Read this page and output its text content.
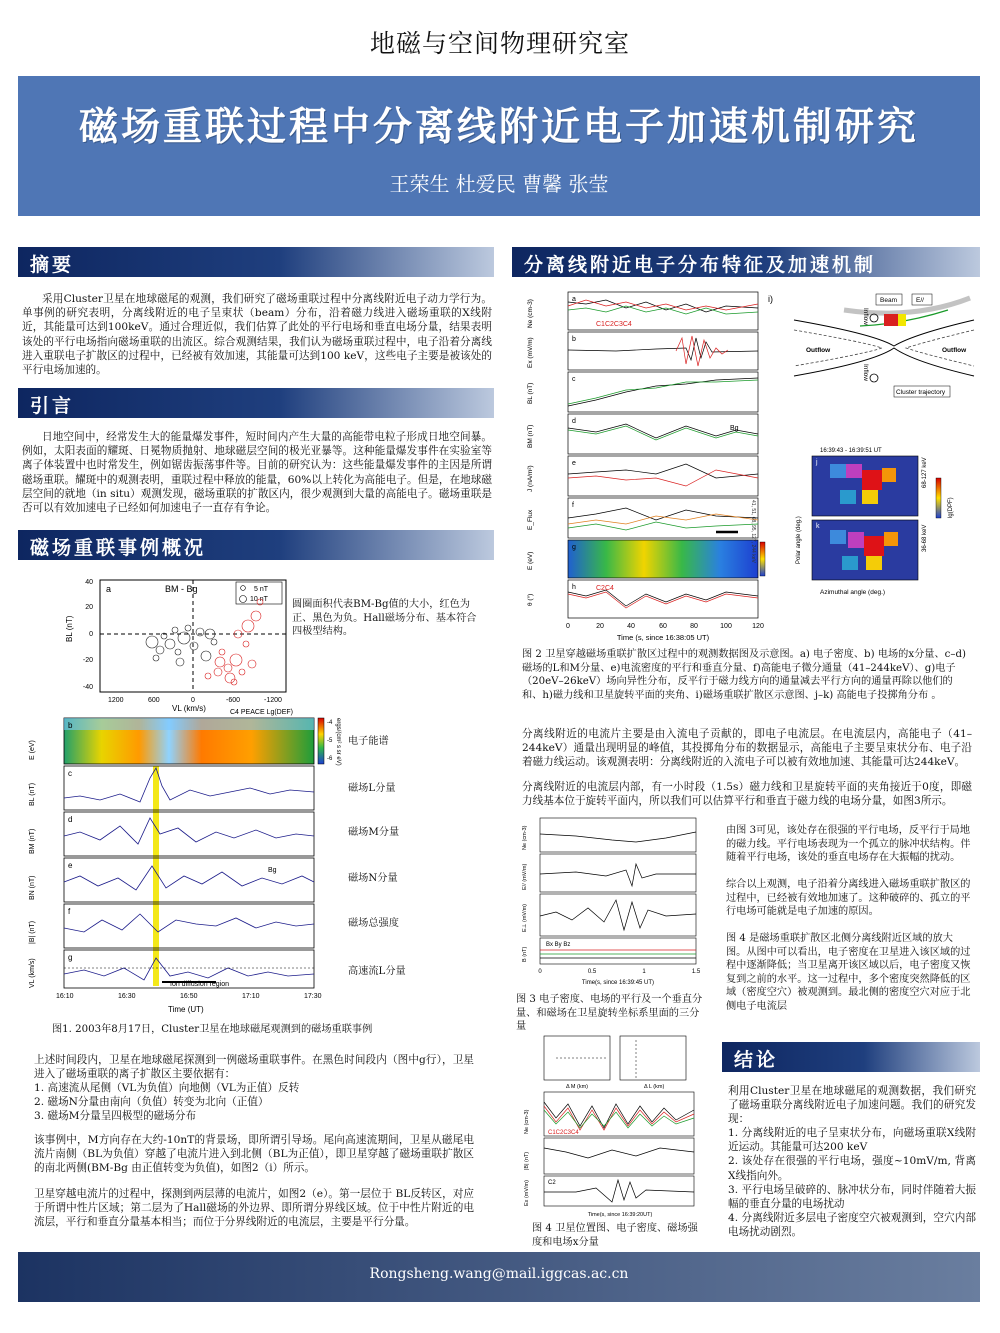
地磁与空间物理研究室
磁场重联过程中分离线附近电子加速机制研究
王荣生 杜爱民 曹馨 张莹
摘要
采用Cluster卫星在地球磁尾的观测，我们研究了磁场重联过程中分离线附近电子动力学行为。单事例的研究表明，分离线附近的电子呈束状（beam）分布，沿着磁力线进入磁场重联的X线附近，其能量可达到100keV。通过合理近似，我们估算了此处的平行电场和垂直电场分量，结果表明该处的平行电场指向磁场重联的出流区。综合观测结果，我们认为磁场重联过程中，电子沿着分离线进入重联电子扩散区的过程中，已经被有效加速，其能量可达到100 keV，这些电子主要是被该处的平行电场加速的。
引言
日地空间中，经常发生大的能量爆发事件，短时间内产生大量的高能带电粒子形成日地空间暴。例如，太阳表面的耀斑、日冕物质抛射、地球磁层空间的极光亚暴等。这种能量爆发事件在实验室等离子体装置中也时常发生，例如锯齿振荡事件等。目前的研究认为：这些能量爆发事件的主因是所谓磁场重联。耀斑中的观测表明，重联过程中释放的能量，60%以上转化为高能电子。但是，在地球磁层空间的就地（in situ）观测发现，磁场重联的扩散区内，很少观测到大量的高能电子。磁场重联是否可以有效加速电子已经如何加速电子一直存有争论。
磁场重联事例概况
a	BM - Bg	5 nT
10 nT
40
20
0
-20
-40
BL (nT)
1200	600	0	-600	-1200
VL (km/s)
圆圈面积代表BM-Bg值的大小，红色为正、黑色为负。Hall磁场分布、基本符合四极型结构。
C4 PEACE Lg(DEF)
-4
-5
-6 ergs/(cm² s sr eV)
Ion diffusion region
Bg
b
c
d
e
f
g
E (eV)
BL (nT)
BM (nT)
BN (nT)
|B| (nT)
VL (km/s)
16:10	16:30	16:50	17:10	17:30
Time (UT)
电子能谱
磁场L分量
磁场M分量
磁场N分量
磁场总强度
高速流L分量
图1. 2003年8月17日，Cluster卫星在地球磁尾观测到的磁场重联事例
上述时间段内，卫星在地球磁尾探测到一例磁场重联事件。在黑色时间段内（图中g行），卫星进入了磁场重联的离子扩散区主要依据有：
1. 高速流从尾侧（VL为负值）向地侧（VL为正值）反转
2. 磁场N分量由南向（负值）转变为北向（正值）
3. 磁场M分量呈四极型的磁场分布
该事例中，M方向存在大约-10nT的背景场，即所谓引导场。尾向高速流期间，卫星从磁尾电流片南侧（BL为负值）穿越了电流片进入到北侧（BL为正值），即卫星穿越了磁场重联扩散区的南北两侧(BM-Bg 由正值转变为负值)，如图2（i）所示。
卫星穿越电流片的过程中，探测到两层薄的电流片，如图2（e）。第一层位于 BL反转区，对应于所谓中性片区域；第二层为了Hall磁场的外边界、即所谓分界线区域。位于中性片附近的电流层，平行和垂直分量基本相当；而位于分界线附近的电流层，主要是平行分量。
分离线附近电子分布特征及加速机制
a
b
c
d
e
f
g
h
C1C2C3C4
Bg
C2C4
41, 51, 68, 95, 127, 244 keV
Ne (cm-3)
Ex (mV/m)
BL (nT)
BM (nT)
J (nA/m²)
E_Flux
E (eV)
θ (°)
0	20	40	60	80	100	120
Time (s, since 16:38:05 UT)
i)	Beam	E//
Outflow	Outflow
Inflow
Inflow
Cluster trajectory
16:39:43 - 16:39:51 UT
j
k
68-127 keV
36-68 keV
lg(DPF)
Polar angle (deg.)
Azimuthal angle (deg.)
图 2 卫星穿越磁场重联扩散区过程中的观测数据图及示意图。a) 电子密度、b) 电场的x分量、c–d)磁场的L和M分量、e)电流密度的平行和垂直分量、f)高能电子微分通量（41–244keV）、g)电子（20eV–26keV）场向异性分布，反平行于磁力线方向的通量减去平行方向的通量再除以他们的和、h)磁力线和卫星旋转平面的夹角、i)磁场重联扩散区示意图、j–k) 高能电子投掷角分布 。
分离线附近的电流片主要是由入流电子贡献的，即电子电流层。在电流层内，高能电子（41–244keV）通量出现明显的峰值，其投掷角分布的数据显示，高能电子主要呈束状分布、电子沿着磁力线运动。该观测表明：分离线附近的入流电子可以被有效地加速、其能量可达244keV。
分离线附近的电流层内部，有一小时段（1.5s）磁力线和卫星旋转平面的夹角接近于0度，即磁力线基本位于旋转平面内，所以我们可以估算平行和垂直于磁力线的电场分量，如图3所示。
Bx By Bz
Ne (cm-3)
E// (mV/m)
E⊥ (mV/m)
B (nT)
0	0.5	1	1.5
Time(s, since 16:39:45 UT)
图 3 电子密度、电场的平行及一个垂直分量、和磁场在卫星旋转坐标系里面的三分量
由图 3可见，该处存在很强的平行电场，反平行于局地的磁力线。平行电场表现为一个孤立的脉冲状结构。伴随着平行电场，该处的垂直电场存在大振幅的扰动。
综合以上观测，电子沿着分离线进入磁场重联扩散区的过程中，已经被有效地加速了。这种破碎的、孤立的平行电场可能就是电子加速的原因。
图 4 是磁场重联扩散区北侧分离线附近区域的放大图。从图中可以看出，电子密度在卫星进入该区域的过程中逐渐降低；当卫星离开该区域以后，电子密度又恢复到之前的水平。这一过程中，多个密度突然降低的区域（密度空穴）被观测到。最北侧的密度空穴对应于北侧电子电流层
Δ M (km)	Δ L (km)
C1C2C3C4
C2
Ne (cm-3)
|B| (nT)
Ex (mV/m)
Time(s, since 16:39:20UT)
图 4 卫星位置图、电子密度、磁场强度和电场x分量
结论
利用Cluster卫星在地球磁尾的观测数据，我们研究了磁场重联分离线附近电子加速问题。我们的研究发现：
1. 分离线附近的电子呈束状分布，向磁场重联X线附近运动。其能量可达200 keV
2. 该处存在很强的平行电场，强度~10mV/m, 背离X线指向外。
3. 平行电场呈破碎的、脉冲状分布，同时伴随着大振幅的垂直分量的电场扰动
4. 分离线附近多层电子密度空穴被观测到，空穴内部电场扰动剧烈。
Rongsheng.wang@mail.iggcas.ac.cn
